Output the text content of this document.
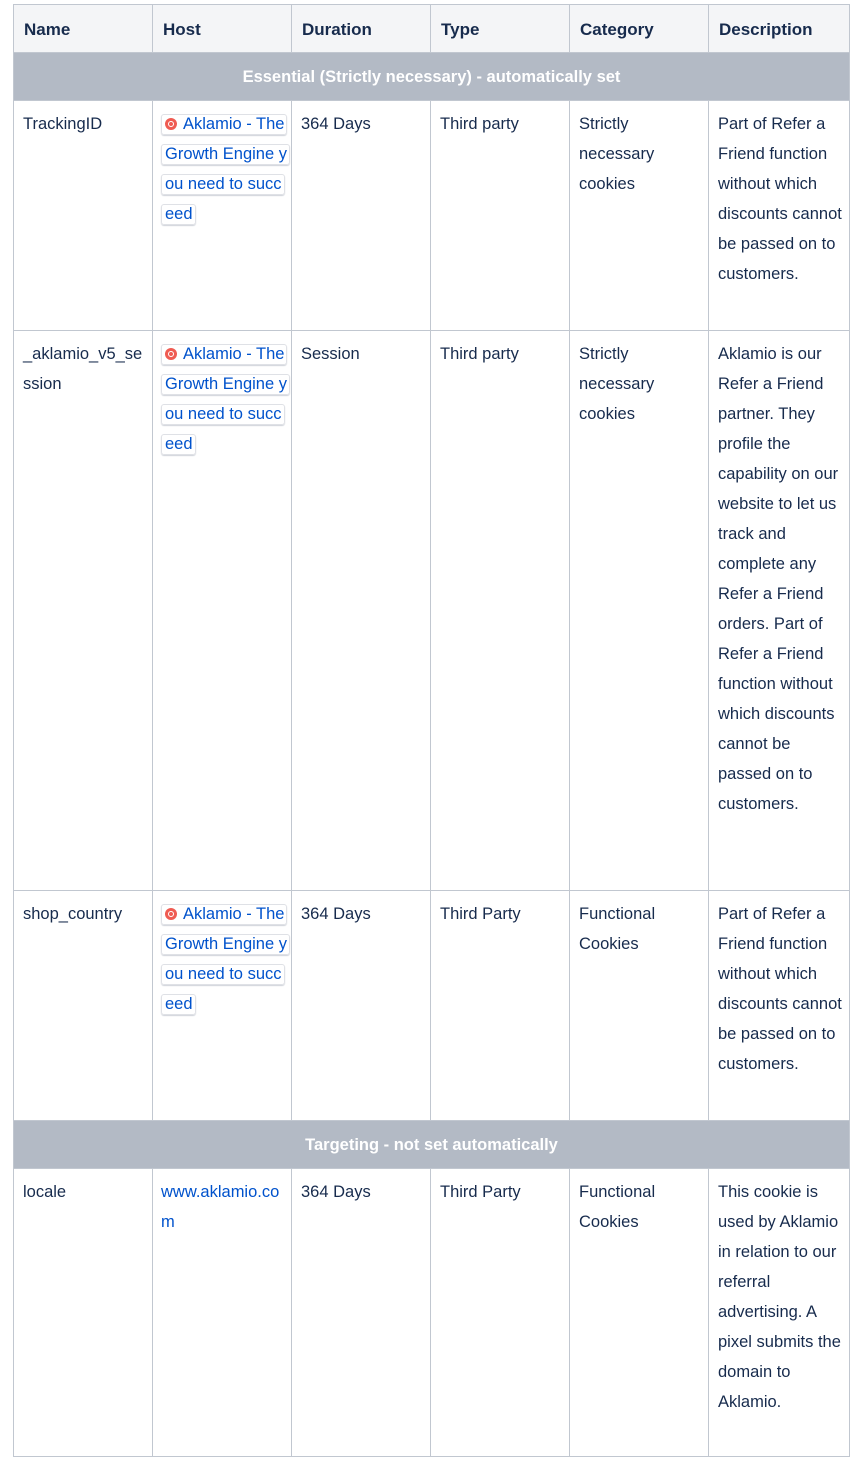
Name	Host	Duration	Type	Category	Description
Essential (Strictly necessary) - automatically set					
TrackingID	Aklamio - The Growth Engine you need to succeed	364 Days	Third party	Strictly necessary cookies	Part of Refer a Friend function without which discounts cannot be passed on to customers.
_aklamio_v5_session	Aklamio - The Growth Engine you need to succeed	Session	Third party	Strictly necessary cookies	Aklamio is our Refer a Friend partner. They profile the capability on our website to let us track and complete any Refer a Friend orders. Part of Refer a Friend function without which discounts cannot be passed on to customers.
shop_country	Aklamio - The Growth Engine you need to succeed	364 Days	Third Party	Functional Cookies	Part of Refer a Friend function without which discounts cannot be passed on to customers.
Targeting - not set automatically					
locale	www.aklamio.com	364 Days	Third Party	Functional Cookies	This cookie is used by Aklamio in relation to our referral advertising. A pixel submits the domain to Aklamio.
